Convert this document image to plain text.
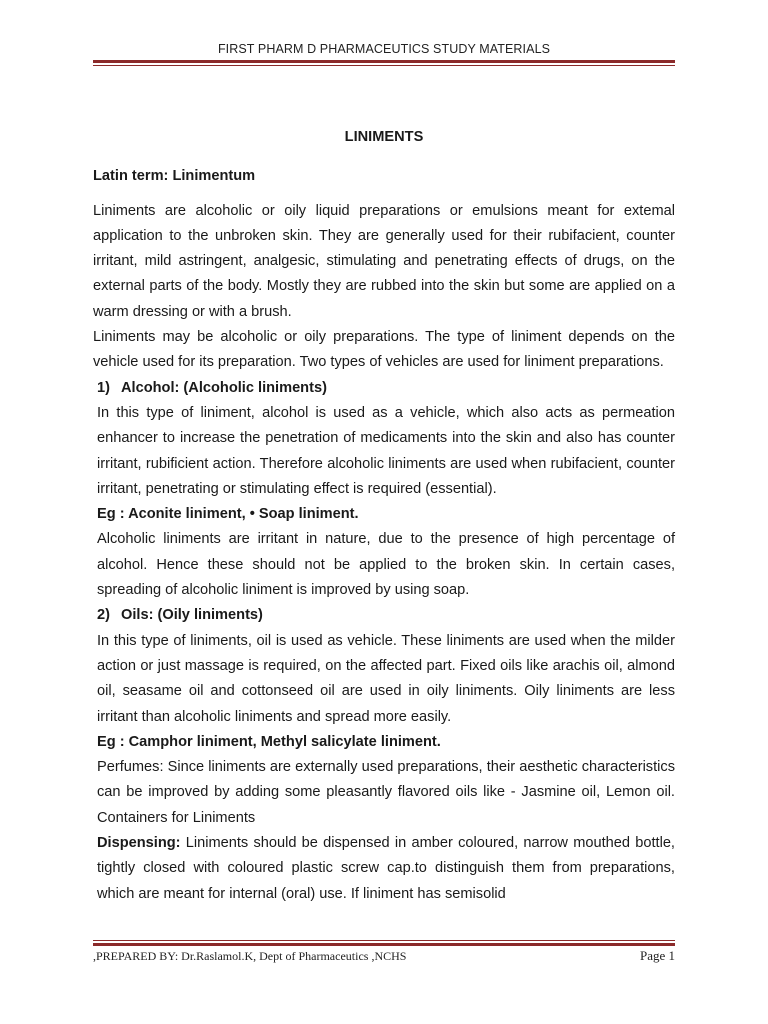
FIRST PHARM D PHARMACEUTICS STUDY MATERIALS
LINIMENTS
Latin term: Linimentum

Liniments are alcoholic or oily liquid preparations or emulsions meant for extemal application to the unbroken skin. They are generally used for their rubifacient, counter irritant, mild astringent, analgesic, stimulating and penetrating effects of drugs, on the external parts of the body. Mostly they are rubbed into the skin but some are applied on a warm dressing or with a brush.

Liniments may be alcoholic or oily preparations. The type of liniment depends on the vehicle used for its preparation. Two types of vehicles are used for liniment preparations.

1) Alcohol: (Alcoholic liniments)

In this type of liniment, alcohol is used as a vehicle, which also acts as permeation enhancer to increase the penetration of medicaments into the skin and also has counter irritant, rubificient action. Therefore alcoholic liniments are used when rubifacient, counter irritant, penetrating or stimulating effect is required (essential).

Eg : Aconite liniment, • Soap liniment.

Alcoholic liniments are irritant in nature, due to the presence of high percentage of alcohol. Hence these should not be applied to the broken skin. In certain cases, spreading of alcoholic liniment is improved by using soap.

2) Oils: (Oily liniments)

In this type of liniments, oil is used as vehicle. These liniments are used when the milder action or just massage is required, on the affected part. Fixed oils like arachis oil, almond oil, seasame oil and cottonseed oil are used in oily liniments. Oily liniments are less irritant than alcoholic liniments and spread more easily.

Eg : Camphor liniment, Methyl salicylate liniment.

Perfumes: Since liniments are externally used preparations, their aesthetic characteristics can be improved by adding some pleasantly flavored oils like - Jasmine oil, Lemon oil. Containers for Liniments

Dispensing: Liniments should be dispensed in amber coloured, narrow mouthed bottle, tightly closed with coloured plastic screw cap.to distinguish them from preparations, which are meant for internal (oral) use. If liniment has semisolid

,PREPARED BY: Dr.Raslamol.K, Dept of Pharmaceutics ,NCHS	Page 1
